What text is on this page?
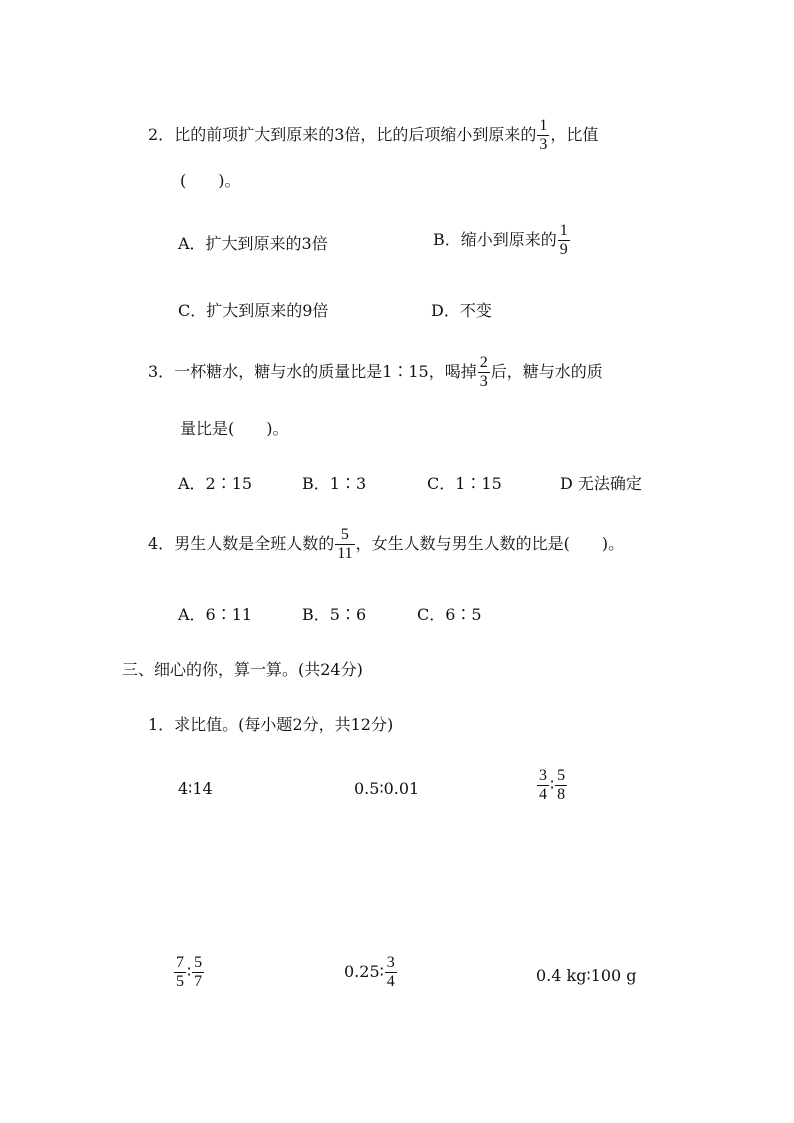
2．比的前项扩大到原来的3倍，比的后项缩小到原来的 $\frac{1}{3}$ ，比值
(　　)。
A．扩大到原来的3倍	B．缩小到原来的 $\frac{1}{9}$
C．扩大到原来的9倍	D．不变
3．一杯糖水，糖与水的质量比是1∶15，喝掉 $\frac{2}{3}$ 后，糖与水的质
量比是(　　)。
A．2∶15	B．1∶3	C．1∶15	D 无法确定
4．男生人数是全班人数的 $\frac{5}{11}$ ，女生人数与男生人数的比是(　　)。
A．6∶11	B．5∶6	C．6∶5
三、细心的你，算一算。(共24分)
1．求比值。(每小题2分，共12分)
4∶14	0.5∶0.01	$\frac{3}{4}$ ∶ $\frac{5}{8}$
$\frac{7}{5}$ ∶ $\frac{5}{7}$	0.25∶ $\frac{3}{4}$	0.4 kg∶100 g
